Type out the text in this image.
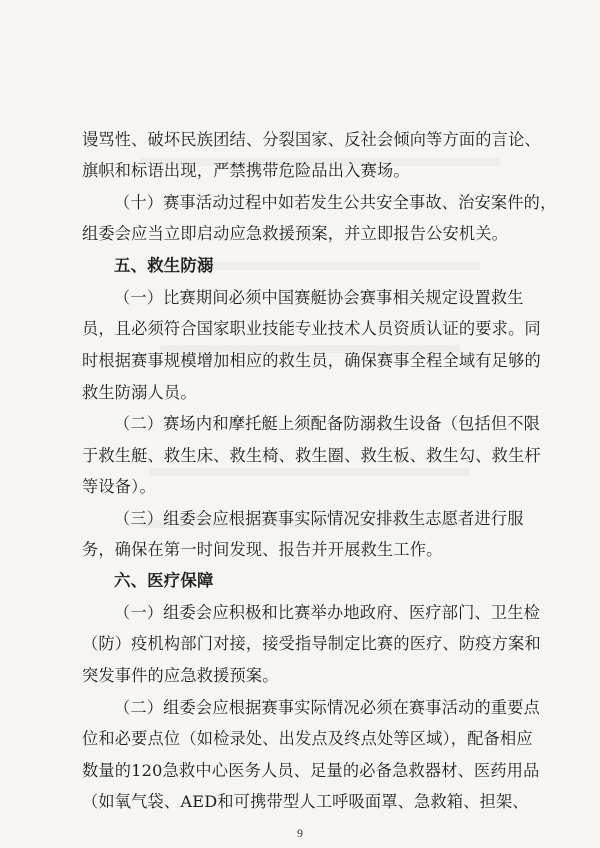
谩骂性、破坏民族团结、分裂国家、反社会倾向等方面的言论、
旗帜和标语出现，严禁携带危险品出入赛场。
（十）赛事活动过程中如若发生公共安全事故、治安案件的，
组委会应当立即启动应急救援预案，并立即报告公安机关。
五、救生防溺
（一）比赛期间必须中国赛艇协会赛事相关规定设置救生
员，且必须符合国家职业技能专业技术人员资质认证的要求。同
时根据赛事规模增加相应的救生员，确保赛事全程全域有足够的
救生防溺人员。
（二）赛场内和摩托艇上须配备防溺救生设备（包括但不限
于救生艇、救生床、救生椅、救生圈、救生板、救生勾、救生杆
等设备）。
（三）组委会应根据赛事实际情况安排救生志愿者进行服
务，确保在第一时间发现、报告并开展救生工作。
六、医疗保障
（一）组委会应积极和比赛举办地政府、医疗部门、卫生检
（防）疫机构部门对接，接受指导制定比赛的医疗、防疫方案和
突发事件的应急救援预案。
（二）组委会应根据赛事实际情况必须在赛事活动的重要点
位和必要点位（如检录处、出发点及终点处等区域），配备相应
数量的120急救中心医务人员、足量的必备急救器材、医药用品
（如氧气袋、AED和可携带型人工呼吸面罩、急救箱、担架、
9
